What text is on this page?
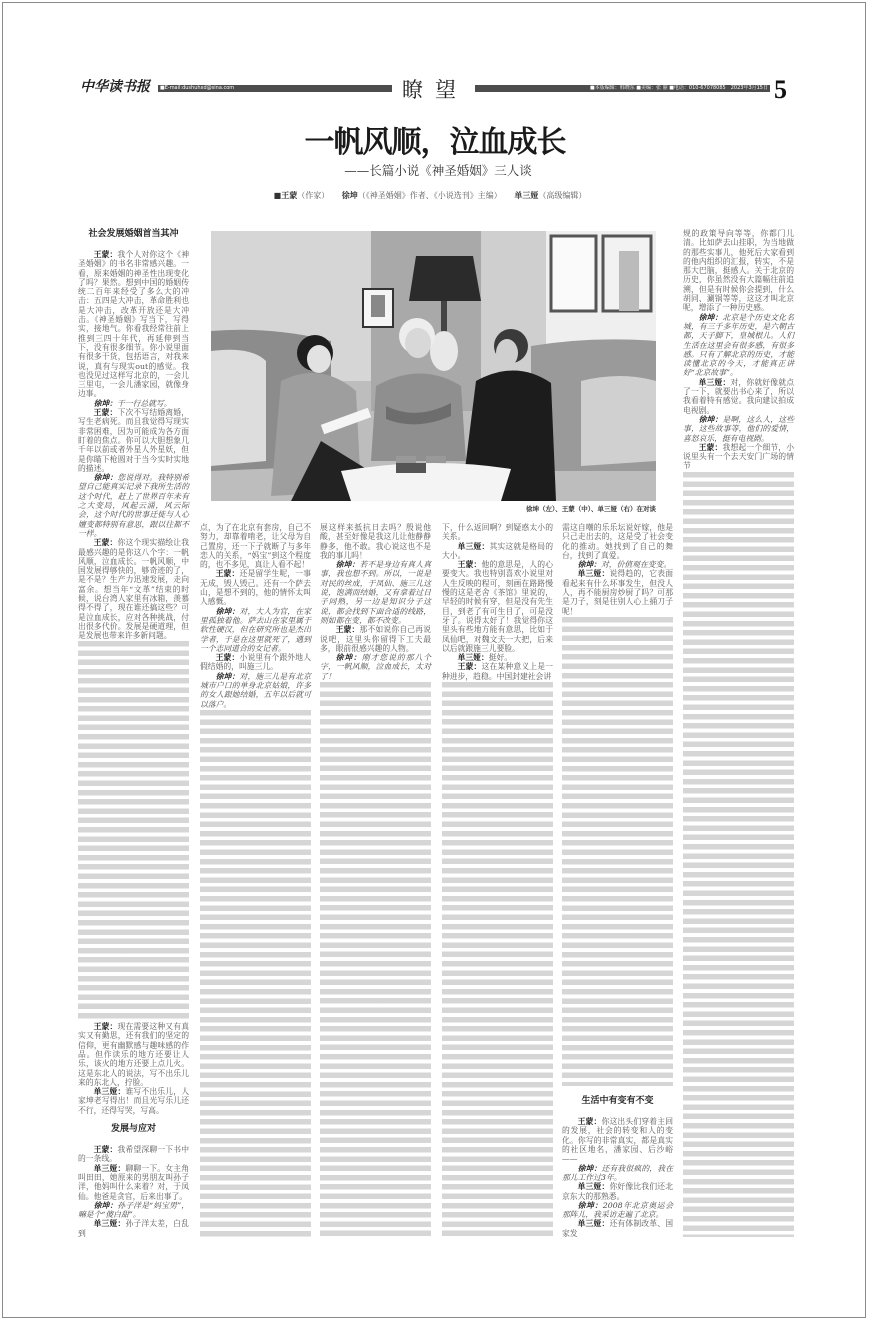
中华读书报	■E-mail:dushuhxd@sina.com	瞭望	■本版编辑：韩晓东 ■美编：张 丽 ■电话：010-67078085　2023年3月15日 5
一帆风顺，泣血成长
——长篇小说《神圣婚姻》三人谈
■王蒙（作家） 徐坤（《神圣婚姻》作者、《小说选刊》主编） 单三娅（高级编辑）
社会发展婚姻首当其冲

王蒙：我个人对你这个《神圣婚姻》的书名非常感兴趣。一看，原来婚姻的神圣性出现变化了吗？果然。想到中国的婚姻传统二百年来经受了多么大的冲击：五四是大冲击，革命胜利也是大冲击，改革开放还是大冲击。《神圣婚姻》写当下，写得实，接地气。你看我经常往前上推到三四十年代，再延伸到当下，没有很多细节。你小说里面有很多干货，包括语言，对我来说，真有与现实out的感觉。我也没见过这样写北京的，一会儿三里屯，一会儿潘家园，就像身边事。

徐坤：干一行总就写。

王蒙：下次不写结婚离婚，写生老病死。而且我觉得写现实非常困难，因为可能成为各方面盯着的焦点。你可以大胆想象几千年以前或者外星人外星妖，但是你瞄下枪圆对于当今实时实地的描述。

徐坤：您说得对。我特别希望自己能真实记录下我所生活的这个时代，赶上了世界百年未有之大变局，风起云涌，风云际会，这个时代的世事迁徙与人心嬗变都特别有意思，跟以往都不一样。

王蒙：你这个现实描绘让我最感兴趣的是你这八个字：一帆风顺，泣血成长。一帆风顺，中国发展得够快的，够奇迹的了，是不是？生产力迅速发展，走向富余。想当年“文革”结束的时候，说台湾人家里有冰箱，羡慕得不得了，现在谁还搞这些？可是泣血成长，应对各种挑战，付出很多代价。发展是硬道理，但是发展也带来许多新问题。

王蒙：现在需要这种又有真实又有勤思，还有我们的坚定的信仰，更有幽默感与趣味感的作品。但作读乐的地方还要让人乐，该火的地方还要上点儿火。这是东北人的说法，写不出乐儿来的东北人，拧脸。

单三娅：谁写不出乐儿，人家坤老写得出！而且光写乐儿还不行，还得写哭，写高。

发展与应对

王蒙：我希望深聊一下书中的一条线。

单三娅：聊聊一下。女主角叫田田，她原来的男朋友叫孙子洋，他妈叫什么来着？对，于凤仙。他爸是贪官，后来出事了。

徐坤：孙子洋是“妈宝男”，嘛是个“傻白甜”。

单三娅：孙子洋太差，白乱到

徐坤（左）、王蒙（中）、单三娅（右）在对谈

点，为了在北京有套房，自己不努力，却靠着啃老，让父母为自己置房，还一下子就断了与多年恋人的关系，“妈宝”到这个程度的，也不多见，真让人看不起！

王蒙：还是留学生呢，一事无成，毁人毁己。还有一个萨去山，是想不到的，他的情怀太叫人感慨。

徐坤：对，大人为官，在家里孤独着他。萨去山在家里属于软性硬汉，但在研究所也是杰出学者，于是在这里就死了，遇到一个志同道合的女记者。

王蒙：小说里有个跟外地人假结婚的，叫施三儿。

徐坤：对，施三儿是有北京城市户口的单身北京姑娘，许多的女人跟她结婚，五年以后就可以落户。

展这样来抵抗日去吗？殷说他酸，甚至好像是我这儿让他静静静多，他不敢。我心说这也不是我的事儿吗！

徐坤：若不是身边有真人真事，我也想不到。所以，一说是对民的丝成，于凤仙、施三儿这说，饱满而结婚，又有拿着过日子同熟，另一边是知识分子这说，都会找到下面合适的线路，则如都在变，都不改变。

王蒙：那不如说你自己再说说吧，这里头你留得下工夫最多，眼前很感兴趣的人物。

徐坤：刚才您说的那八个字，一帆风顺，泣血成长，太对了！

下，什么返回啊？到疑惑太小的关系。

单三娅：其实这就是格局的大小。

王蒙：他的意思是，人的心要变大。我也特别喜欢小说里对人生反映的程可，刻画在路路慢慢的这是老舍《茶馆》里说的，早轻的时候有穿，但是没有先生目，到老了有可生目了，可是没牙了。说得太好了！我觉得你这里头有些地方能有意思，比如于凤仙吧，对魏文夫一大把，后来以后就跟施三儿要脸。

单三娅：挺好。

王蒙：这在某种意义上是一种进步，趋稳。中国封建社会讲

需这自嘲的乐乐坛说好嫁，他是只己走出去的，这是受了社会变化的推动。她找到了自己的舞台，找到了真爱。

徐坤：对，价值观在变变。

单三娅：说得趋的，它表面看起来有什么坏事发生，但没人人，再不能厨房炒厨了吗？可那是刀子，刻是往别人心上捅刀子呢！

生活中有变有不变

王蒙：你这出头们穿着主回的发展，社会的转变和人的变化。你写的非常真实，都是真实的社区地名，潘家园、后沙峪——

徐坤：还有我很疯的，我在那儿工作过3年。

单三娅：你好像比我们还北京东大的那熟悉。

徐坤：2008年北京奥运会那阵儿，我采访走遍了北京。

单三娅：还有体制改革、国家发

规的政策导向等等，你都门儿清。比如萨去山挂职，为当地做的那些实事儿，他死后大家看到的他内组织的汇报，转实，不是那大巴脑，挺感人。关于北京的历史，你虽然没有大篇幅往前追溯，但是有时候你会提到，什么胡同、涮锅等等，这这才叫北京呢，增添了一种历史感。

徐坤：北京是个历史文化名城，有三千多年历史，是六朝古都，天子脚下，皇城根儿。人们生活在这里会有很多感，有很多感。只有了解北京的历史，才能读懂北京的今天，才能真正讲好“北京故事”。

单三娅：对，你就好像就点了一下，就要出书心来了，所以我看着特有感觉。我向建议拍成电视剧。

徐坤：是啊，这么人，这些事，这些故事等，他们的爱情，喜怒哀乐，挺有电视剧。

王蒙：我想起一个细节，小说里头有一个去天安门广场的情节
